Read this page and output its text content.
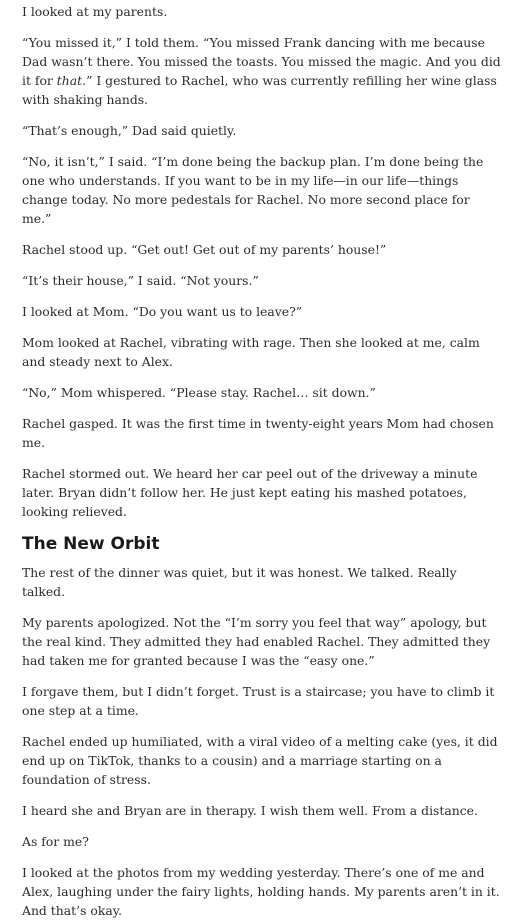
I looked at my parents.

“You missed it,” I told them. “You missed Frank dancing with me because Dad wasn’t there. You missed the toasts. You missed the magic. And you did it for that.” I gestured to Rachel, who was currently refilling her wine glass with shaking hands.

“That’s enough,” Dad said quietly.

“No, it isn’t,” I said. “I’m done being the backup plan. I’m done being the one who understands. If you want to be in my life—in our life—things change today. No more pedestals for Rachel. No more second place for me.”

Rachel stood up. “Get out! Get out of my parents’ house!”

“It’s their house,” I said. “Not yours.”

I looked at Mom. “Do you want us to leave?”

Mom looked at Rachel, vibrating with rage. Then she looked at me, calm and steady next to Alex.

“No,” Mom whispered. “Please stay. Rachel… sit down.”

Rachel gasped. It was the first time in twenty-eight years Mom had chosen me.

Rachel stormed out. We heard her car peel out of the driveway a minute later. Bryan didn’t follow her. He just kept eating his mashed potatoes, looking relieved.

The New Orbit

The rest of the dinner was quiet, but it was honest. We talked. Really talked.

My parents apologized. Not the “I’m sorry you feel that way” apology, but the real kind. They admitted they had enabled Rachel. They admitted they had taken me for granted because I was the “easy one.”

I forgave them, but I didn’t forget. Trust is a staircase; you have to climb it one step at a time.

Rachel ended up humiliated, with a viral video of a melting cake (yes, it did end up on TikTok, thanks to a cousin) and a marriage starting on a foundation of stress.

I heard she and Bryan are in therapy. I wish them well. From a distance.

As for me?

I looked at the photos from my wedding yesterday. There’s one of me and Alex, laughing under the fairy lights, holding hands. My parents aren’t in it. And that’s okay.
